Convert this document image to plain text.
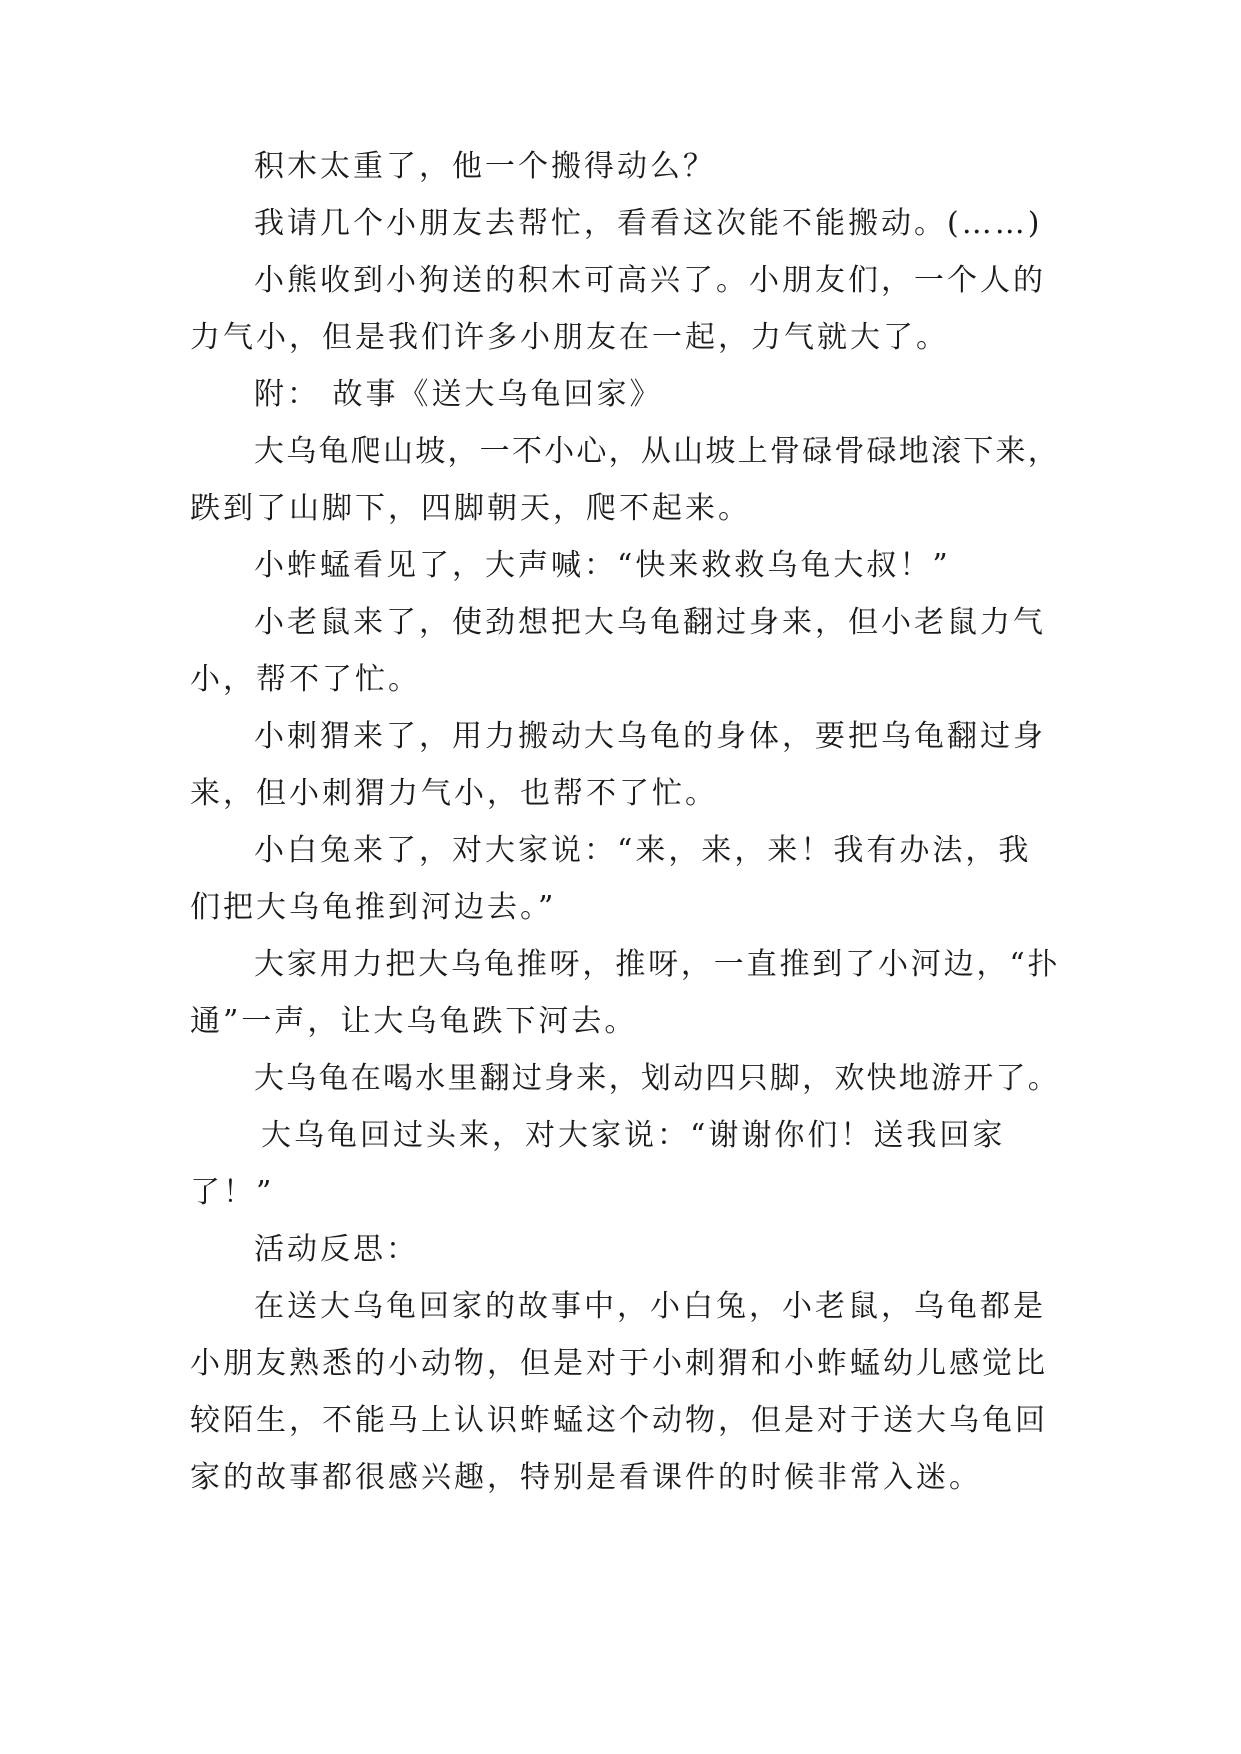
积木太重了，他一个搬得动么？
我请几个小朋友去帮忙，看看这次能不能搬动。(……)
小熊收到小狗送的积木可高兴了。小朋友们，一个人的
力气小，但是我们许多小朋友在一起，力气就大了。
附： 故事《送大乌龟回家》
大乌龟爬山坡，一不小心，从山坡上骨碌骨碌地滚下来，
跌到了山脚下，四脚朝天，爬不起来。
小蚱蜢看见了，大声喊：“快来救救乌龟大叔！”
小老鼠来了，使劲想把大乌龟翻过身来，但小老鼠力气
小，帮不了忙。
小刺猬来了，用力搬动大乌龟的身体，要把乌龟翻过身
来，但小刺猬力气小，也帮不了忙。
小白兔来了，对大家说：“来，来，来！我有办法，我
们把大乌龟推到河边去。”
大家用力把大乌龟推呀，推呀，一直推到了小河边，“扑
通”一声，让大乌龟跌下河去。
大乌龟在喝水里翻过身来，划动四只脚，欢快地游开了。
大乌龟回过头来，对大家说：“谢谢你们！送我回家
了！”
活动反思：
在送大乌龟回家的故事中，小白兔，小老鼠，乌龟都是
小朋友熟悉的小动物，但是对于小刺猬和小蚱蜢幼儿感觉比
较陌生，不能马上认识蚱蜢这个动物，但是对于送大乌龟回
家的故事都很感兴趣，特别是看课件的时候非常入迷。
